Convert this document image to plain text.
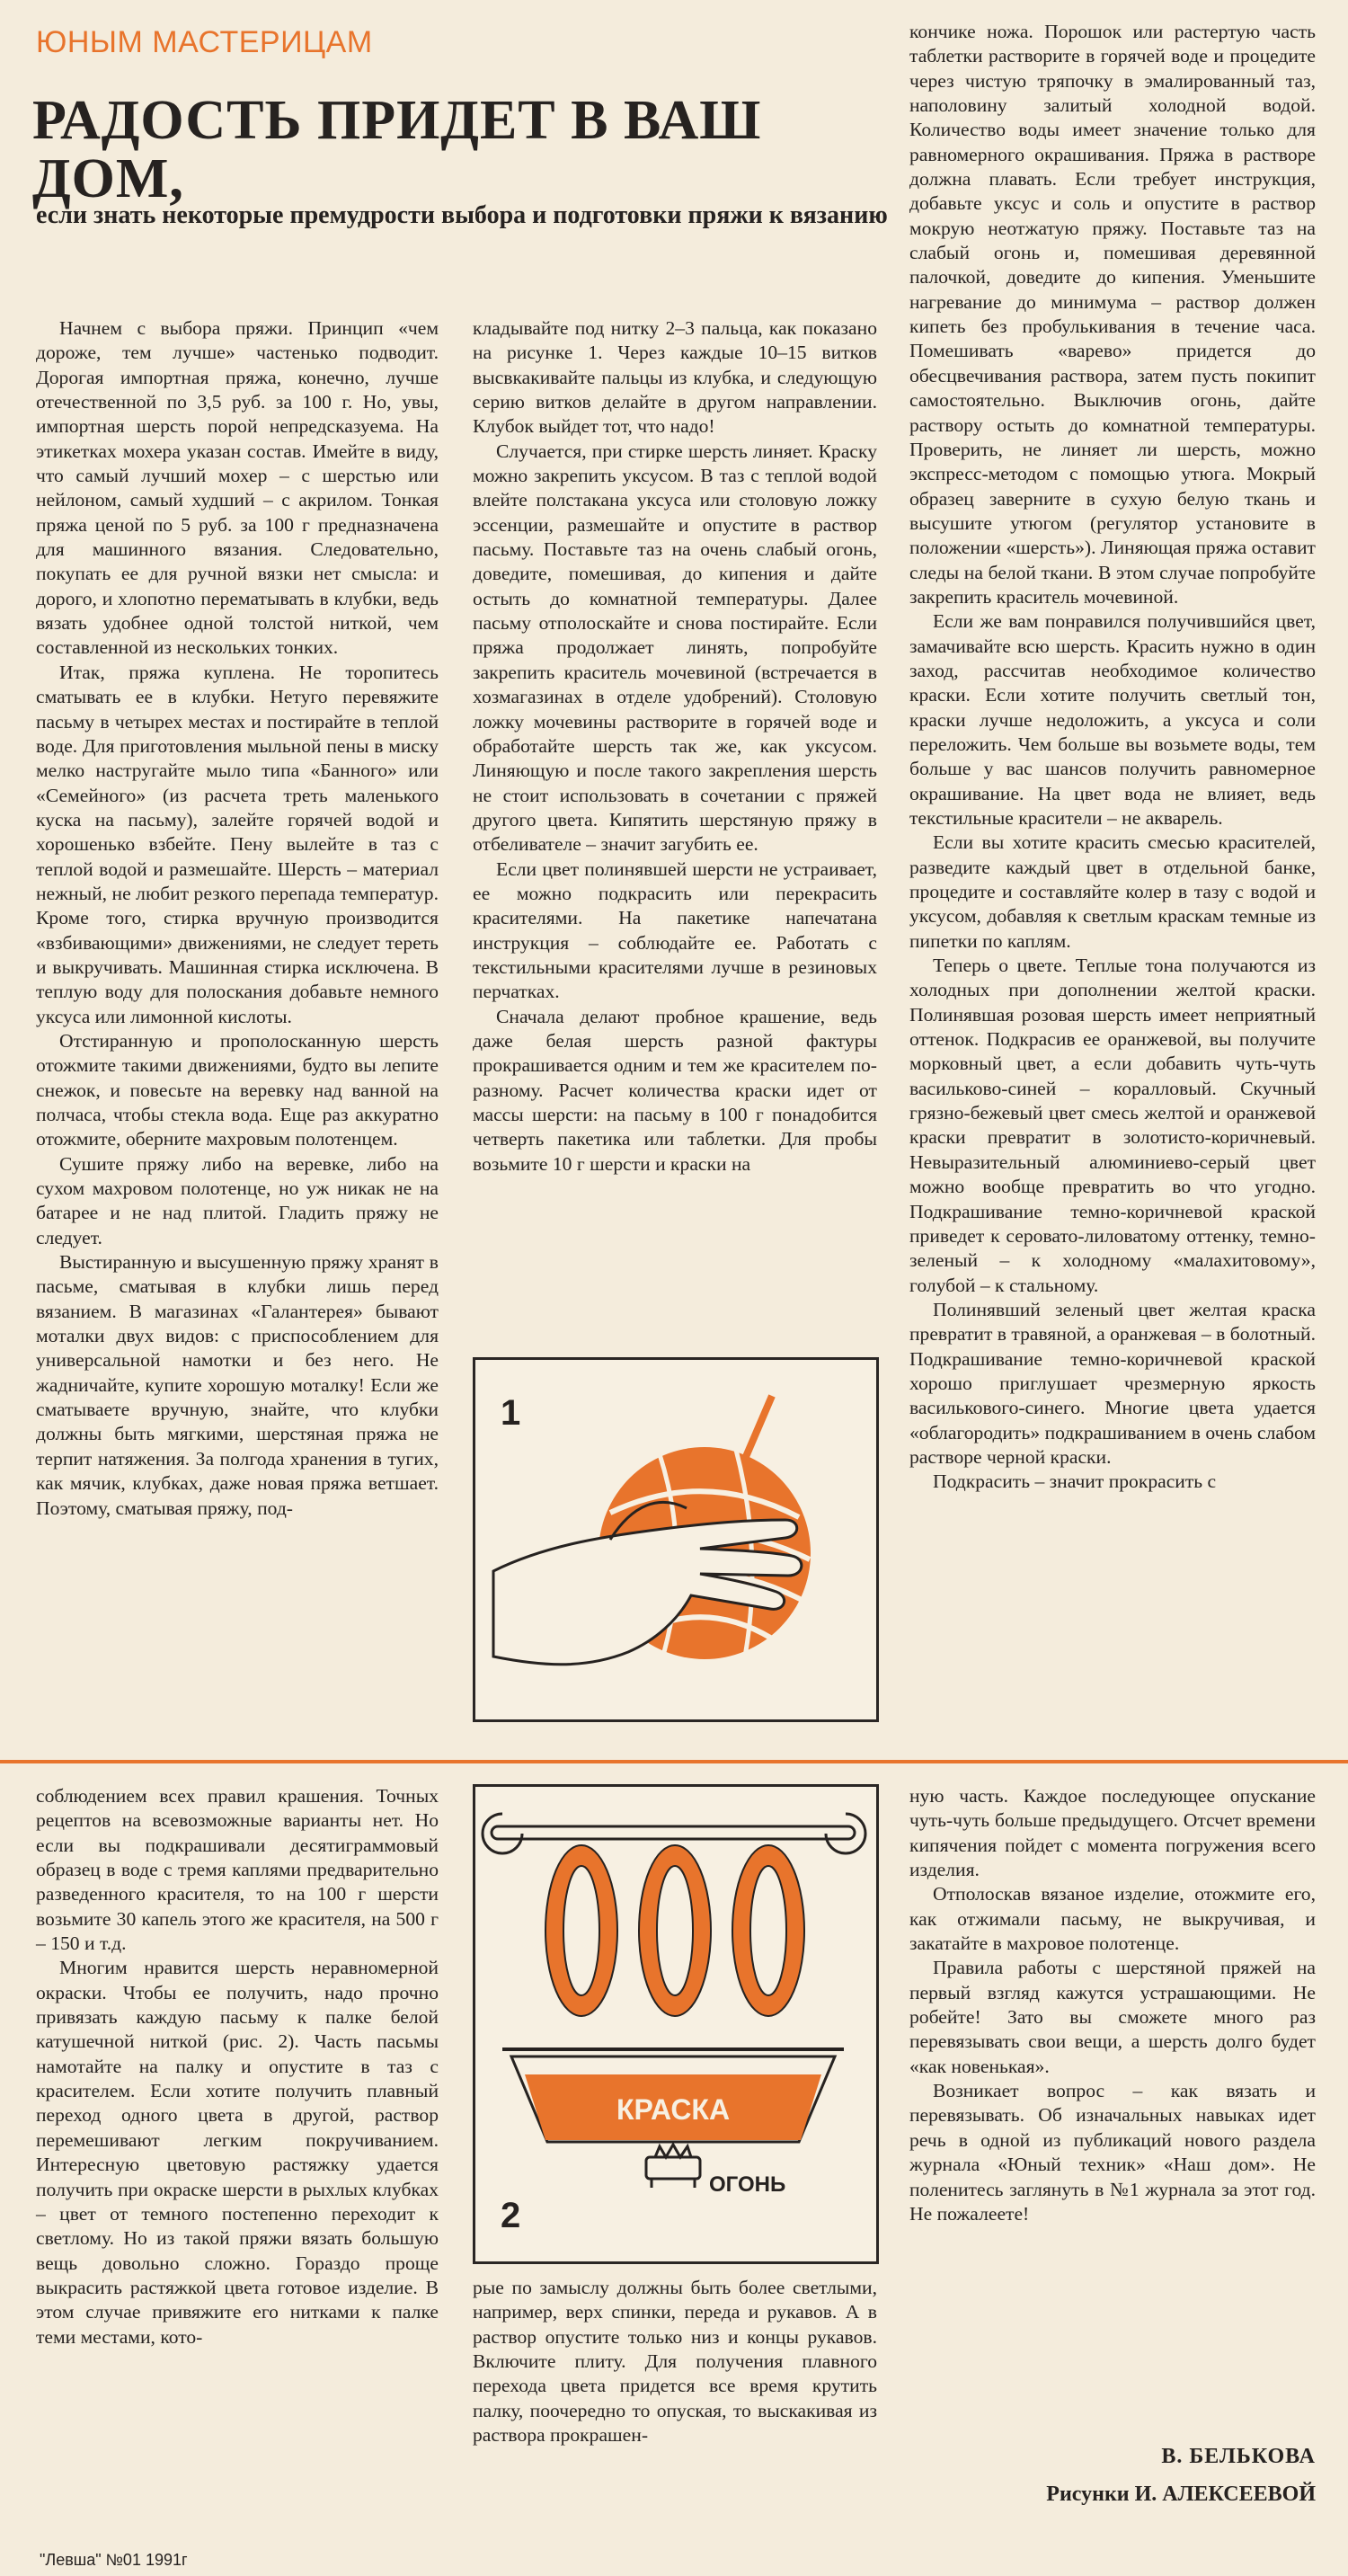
ЮНЫМ МАСТЕРИЦАМ
РАДОСТЬ ПРИДЕТ В ВАШ ДОМ,
если знать некоторые премудрости выбора и подготовки пряжи к вязанию

Начнем с выбора пряжи. Принцип «чем дороже, тем лучше» частенько подводит. Дорогая импортная пряжа, конечно, лучше отечественной по 3,5 руб. за 100 г. Но, увы, импортная шерсть порой непредсказуема. На этикетках мохера указан состав. Имейте в виду, что самый лучший мохер – с шерстью или нейлоном, самый худший – с акрилом. Тонкая пряжа ценой по 5 руб. за 100 г предназначена для машинного вязания. Следовательно, покупать ее для ручной вязки нет смысла: и дорого, и хлопотно перематывать в клубки, ведь вязать удобнее одной толстой ниткой, чем составленной из нескольких тонких.

Итак, пряжа куплена. Не торопитесь сматывать ее в клубки. Нетуго перевяжите пасьму в четырех местах и постирайте в теплой воде. Для приготовления мыльной пены в миску мелко настругайте мыло типа «Банного» или «Семейного» (из расчета треть маленького куска на пасьму), залейте горячей водой и хорошенько взбейте. Пену вылейте в таз с теплой водой и размешайте. Шерсть – материал нежный, не любит резкого перепада температур. Кроме того, стирка вручную производится «взбивающими» движениями, не следует тереть и выкручивать. Машинная стирка исключена. В теплую воду для полоскания добавьте немного уксуса или лимонной кислоты.

Отстиранную и прополосканную шерсть отожмите такими движениями, будто вы лепите снежок, и повесьте на веревку над ванной на полчаса, чтобы стекла вода. Еще раз аккуратно отожмите, оберните махровым полотенцем.

Сушите пряжу либо на веревке, либо на сухом махровом полотенце, но уж никак не на батарее и не над плитой. Гладить пряжу не следует.

Выстиранную и высушенную пряжу хранят в пасьме, сматывая в клубки лишь перед вязанием. В магазинах «Галантерея» бывают моталки двух видов: с приспособлением для универсальной намотки и без него. Не жадничайте, купите хорошую моталку! Если же сматываете вручную, знайте, что клубки должны быть мягкими, шерстяная пряжа не терпит натяжения. За полгода хранения в тугих, как мячик, клубках, даже новая пряжа ветшает. Поэтому, сматывая пряжу, под-

кладывайте под нитку 2–3 пальца, как показано на рисунке 1. Через каждые 10–15 витков высвкакивайте пальцы из клубка, и следующую серию витков делайте в другом направлении. Клубок выйдет тот, что надо!

Случается, при стирке шерсть линяет. Краску можно закрепить уксусом. В таз с теплой водой влейте полстакана уксуса или столовую ложку эссенции, размешайте и опустите в раствор пасьму. Поставьте таз на очень слабый огонь, доведите, помешивая, до кипения и дайте остыть до комнатной температуры. Далее пасьму отполоскайте и снова постирайте. Если пряжа продолжает линять, попробуйте закрепить краситель мочевиной (встречается в хозмагазинах в отделе удобрений). Столовую ложку мочевины растворите в горячей воде и обработайте шерсть так же, как уксусом. Линяющую и после такого закрепления шерсть не стоит использовать в сочетании с пряжей другого цвета. Кипятить шерстяную пряжу в отбеливателе – значит загубить ее.

Если цвет полинявшей шерсти не устраивает, ее можно подкрасить или перекрасить красителями. На пакетике напечатана инструкция – соблюдайте ее. Работать с текстильными красителями лучше в резиновых перчатках.

Сначала делают пробное крашение, ведь даже белая шерсть разной фактуры прокрашивается одним и тем же красителем по-разному. Расчет количества краски идет от массы шерсти: на пасьму в 100 г понадобится четверть пакетика или таблетки. Для пробы возьмите 10 г шерсти и краски на

кончике ножа. Порошок или растертую часть таблетки растворите в горячей воде и процедите через чистую тряпочку в эмалированный таз, наполовину залитый холодной водой. Количество воды имеет значение только для равномерного окрашивания. Пряжа в растворе должна плавать. Если требует инструкция, добавьте уксус и соль и опустите в раствор мокрую неотжатую пряжу. Поставьте таз на слабый огонь и, помешивая деревянной палочкой, доведите до кипения. Уменьшите нагревание до минимума – раствор должен кипеть без пробулькивания в течение часа. Помешивать «варево» придется до обесцвечивания раствора, затем пусть покипит самостоятельно. Выключив огонь, дайте раствору остыть до комнатной температуры. Проверить, не линяет ли шерсть, можно экспресс-методом с помощью утюга. Мокрый образец заверните в сухую белую ткань и высушите утюгом (регулятор установите в положении «шерсть»). Линяющая пряжа оставит следы на белой ткани. В этом случае попробуйте закрепить краситель мочевиной.

Если же вам понравился получившийся цвет, замачивайте всю шерсть. Красить нужно в один заход, рассчитав необходимое количество краски. Если хотите получить светлый тон, краски лучше недоложить, а уксуса и соли переложить. Чем больше вы возьмете воды, тем больше у вас шансов получить равномерное окрашивание. На цвет вода не влияет, ведь текстильные красители – не акварель.

Если вы хотите красить смесью красителей, разведите каждый цвет в отдельной банке, процедите и составляйте колер в тазу с водой и уксусом, добавляя к светлым краскам темные из пипетки по каплям.

Теперь о цвете. Теплые тона получаются из холодных при дополнении желтой краски. Полинявшая розовая шерсть имеет неприятный оттенок. Подкрасив ее оранжевой, вы получите морковный цвет, а если добавить чуть-чуть васильково-синей – коралловый. Скучный грязно-бежевый цвет смесь желтой и оранжевой краски превратит в золотисто-коричневый. Невыразительный алюминиево-серый цвет можно вообще превратить во что угодно. Подкрашивание темно-коричневой краской приведет к серовато-лиловатому оттенку, темно-зеленый – к холодному «малахитовому», голубой – к стальному.

Полинявший зеленый цвет желтая краска превратит в травяной, а оранжевая – в болотный. Подкрашивание темно-коричневой краской хорошо приглушает чрезмерную яркость василькового-синего. Многие цвета удается «облагородить» подкрашиванием в очень слабом растворе черной краски.

Подкрасить – значит прокрасить с

1

соблюдением всех правил крашения. Точных рецептов на всевозможные варианты нет. Но если вы подкрашивали десятиграммовый образец в воде с тремя каплями предварительно разведенного красителя, то на 100 г шерсти возьмите 30 капель этого же красителя, на 500 г – 150 и т.д.

Многим нравится шерсть неравномерной окраски. Чтобы ее получить, надо прочно привязать каждую пасьму к палке белой катушечной ниткой (рис. 2). Часть пасьмы намотайте на палку и опустите в таз с красителем. Если хотите получить плавный переход одного цвета в другой, раствор перемешивают легким покручиванием. Интересную цветовую растяжку удается получить при окраске шерсти в рыхлых клубках – цвет от темного постепенно переходит к светлому. Но из такой пряжи вязать большую вещь довольно сложно. Гораздо проще выкрасить растяжкой цвета готовое изделие. В этом случае привяжите его нитками к палке теми местами, кото-

КРАСКА
ОГОНЬ
2

рые по замыслу должны быть более светлыми, например, верх спинки, переда и рукавов. А в раствор опустите только низ и концы рукавов. Включите плиту. Для получения плавного перехода цвета придется все время крутить палку, поочередно то опуская, то выскакивая из раствора прокрашен-

ную часть. Каждое последующее опускание чуть-чуть больше предыдущего. Отсчет времени кипячения пойдет с момента погружения всего изделия.

Отполоскав вязаное изделие, отожмите его, как отжимали пасьму, не выкручивая, и закатайте в махровое полотенце.

Правила работы с шерстяной пряжей на первый взгляд кажутся устрашающими. Не робейте! Зато вы сможете много раз перевязывать свои вещи, а шерсть долго будет «как новенькая».

Возникает вопрос – как вязать и перевязывать. Об изначальных навыках идет речь в одной из публикаций нового раздела журнала «Юный техник» «Наш дом». Не поленитесь заглянуть в №1 журнала за этот год. Не пожалеете!

В. БЕЛЬКОВА
Рисунки И. АЛЕКСЕЕВОЙ
"Левша" №01 1991г
